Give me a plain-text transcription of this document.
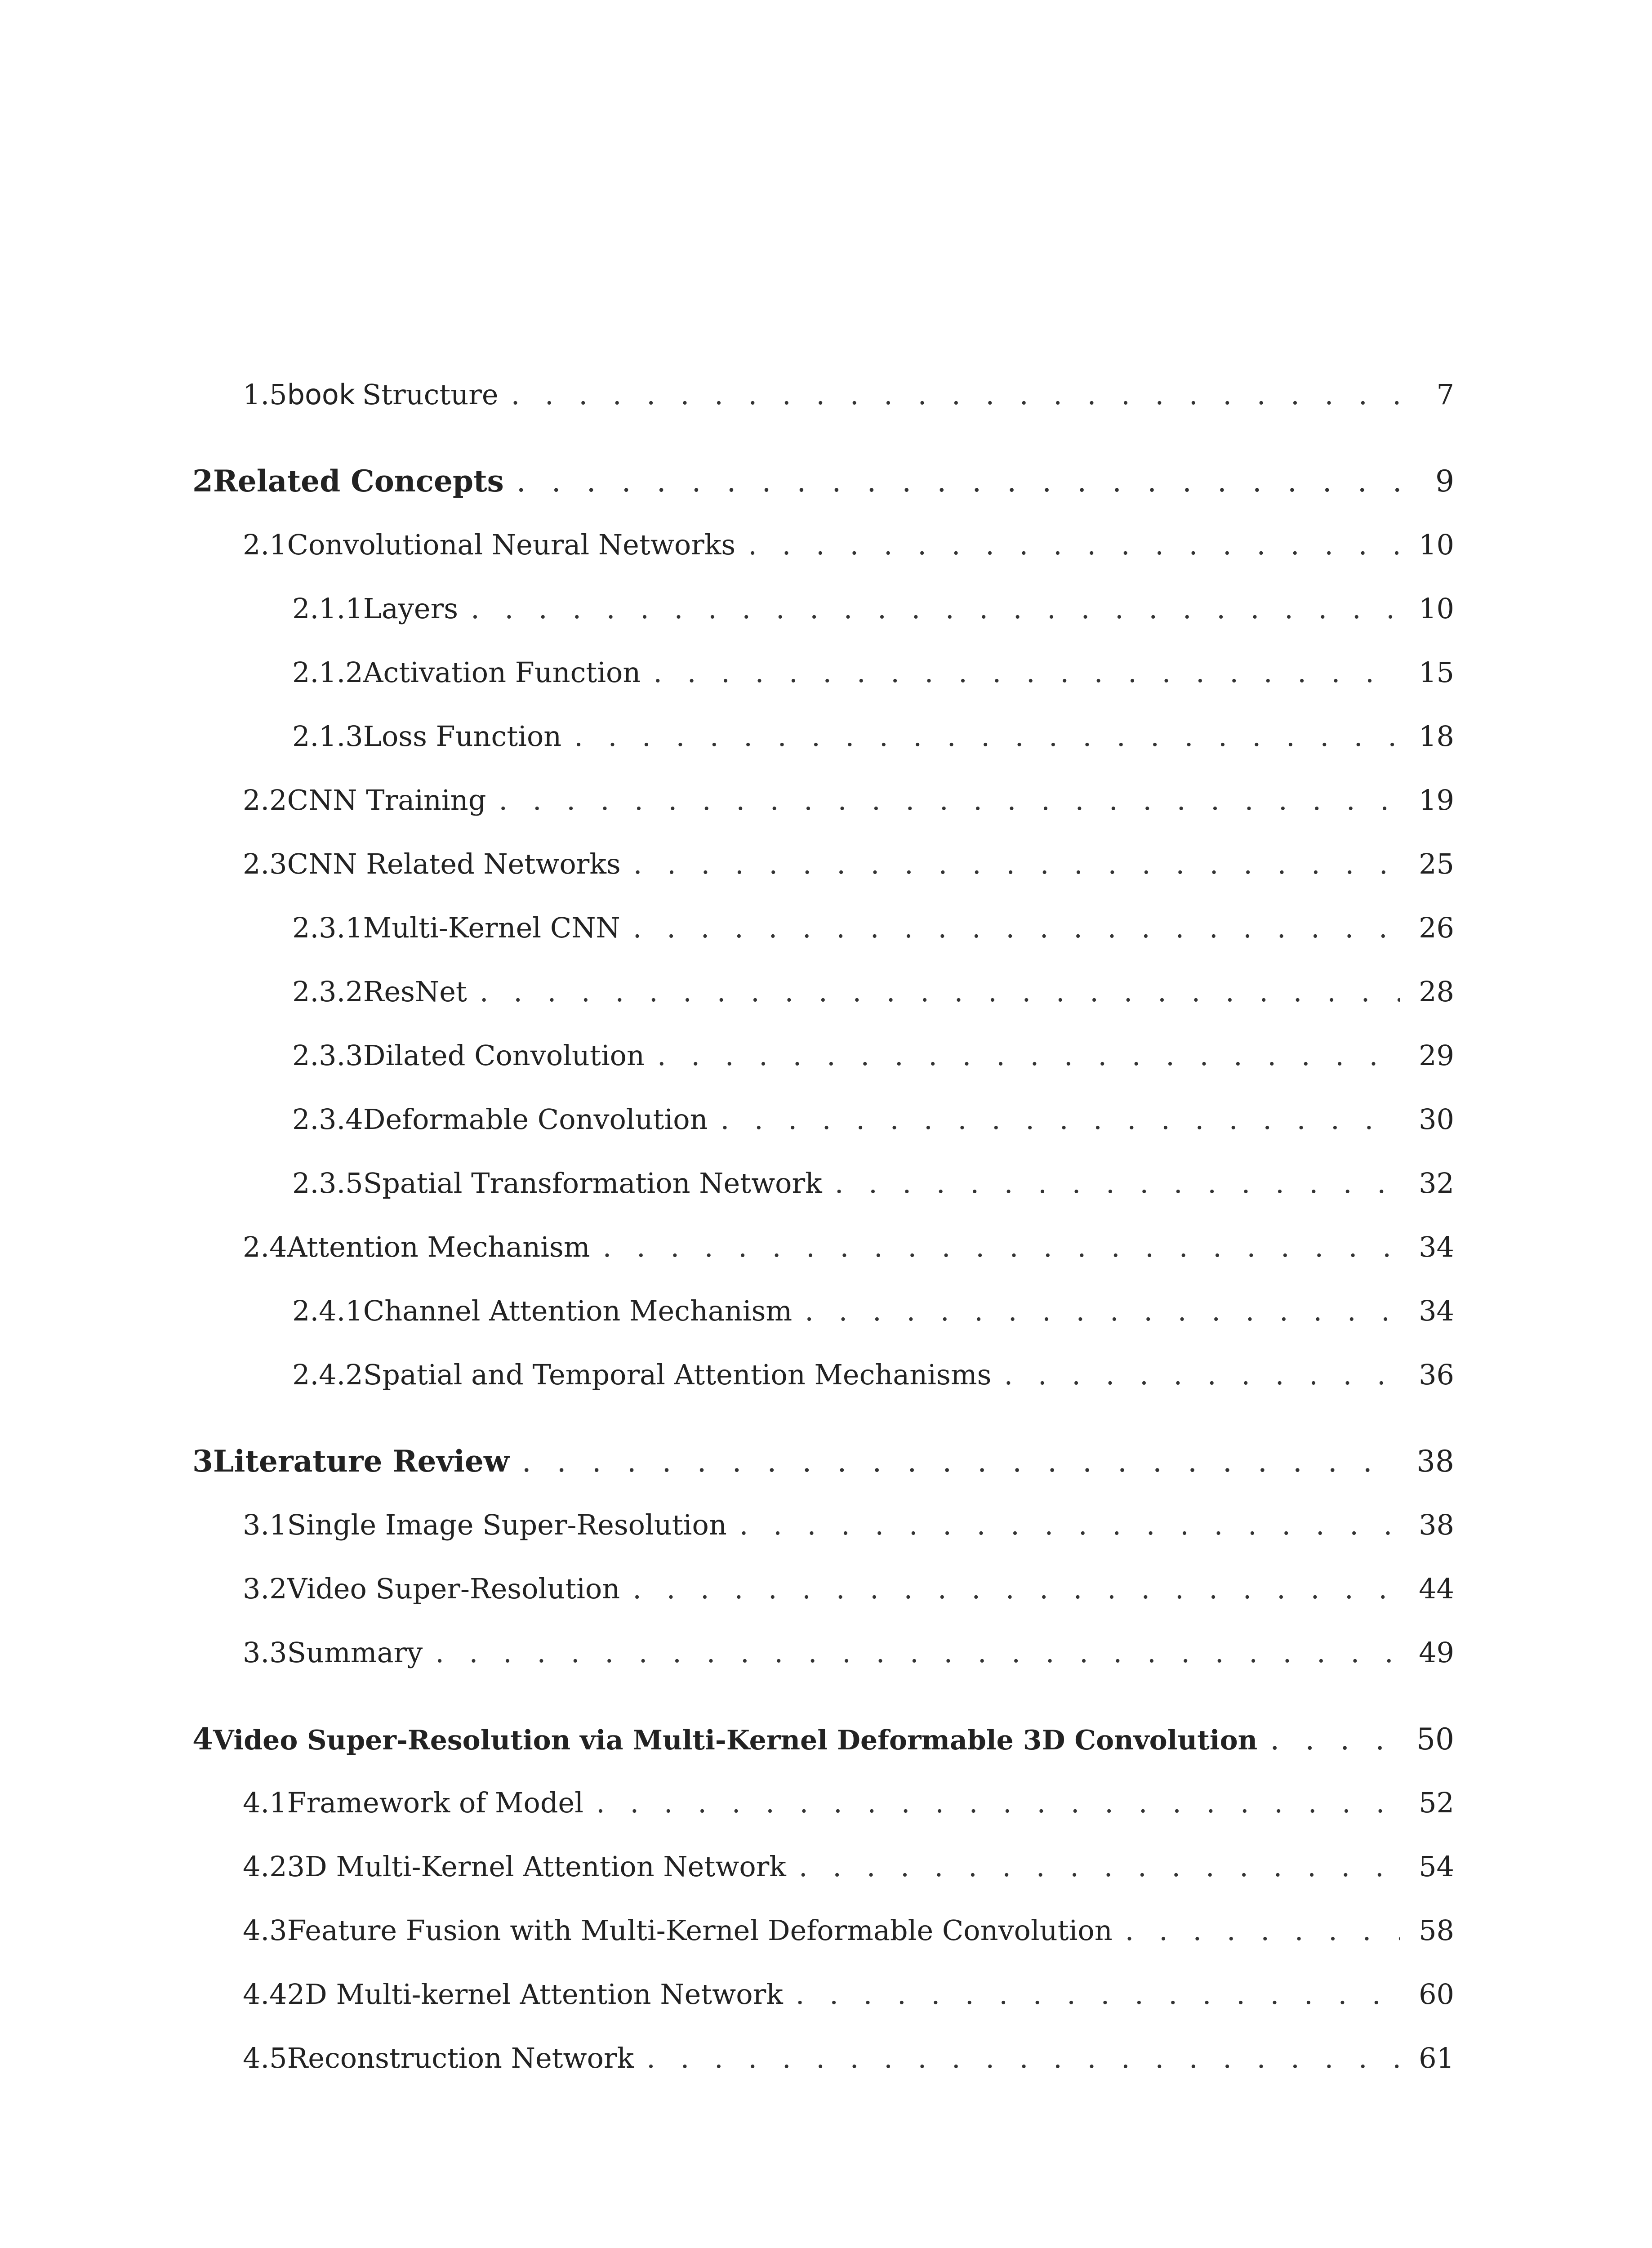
1.5 book Structure . . .	7
2 Related Concepts . . .	9
2.1 Convolutional Neural Networks . . .	10
2.1.1 Layers . . .	10
2.1.2 Activation Function . . .	15
2.1.3 Loss Function . . .	18
2.2 CNN Training . . .	19
2.3 CNN Related Networks . . .	25
2.3.1 Multi-Kernel CNN . . .	26
2.3.2 ResNet . . .	28
2.3.3 Dilated Convolution . . .	29
2.3.4 Deformable Convolution . . .	30
2.3.5 Spatial Transformation Network . . .	32
2.4 Attention Mechanism . . .	34
2.4.1 Channel Attention Mechanism . . .	34
2.4.2 Spatial and Temporal Attention Mechanisms . . .	36
3 Literature Review . . .	38
3.1 Single Image Super-Resolution . . .	38
3.2 Video Super-Resolution . . .	44
3.3 Summary . . .	49
4 Video Super-Resolution via Multi-Kernel Deformable 3D Convolution . . .	50
4.1 Framework of Model . . .	52
4.2 3D Multi-Kernel Attention Network . . .	54
4.3 Feature Fusion with Multi-Kernel Deformable Convolution . . .	58
4.4 2D Multi-kernel Attention Network . . .	60
4.5 Reconstruction Network . . .	61
